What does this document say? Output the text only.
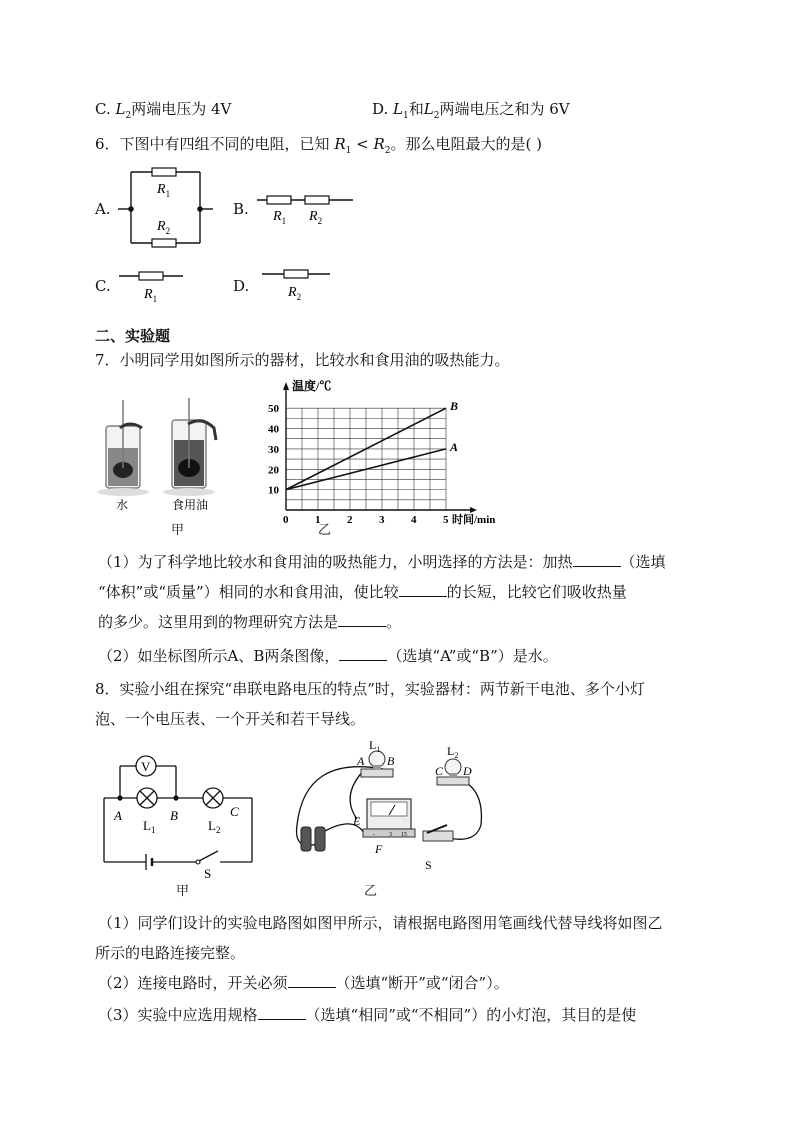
C. $L_2$两端电压为 4V	D. $L_1$和$L_2$两端电压之和为 6V
6．下图中有四组不同的电阻，已知 $R_1 < R_2$。那么电阻最大的是( )
A.
$R_1$
$R_2$
B. $R_1$ $R_2$
C. $R_1$
D.	$R_2$
二、实验题
7．小明同学用如图所示的器材，比较水和食用油的吸热能力。
水	食用油
甲
0 1 2 3 4 5
10
20
30
40
50
A
B
温度/℃
时间/min
乙
（1）为了科学地比较水和食用油的吸热能力，小明选择的方法是：加热	（选填
“体积”或“质量”）相同的水和食用油，使比较	的长短，比较它们吸收热量
的多少。这里用到的物理研究方法是	。
（2）如坐标图所示A、B两条图像，	（选填“A”或“B”）是水。
8．实验小组在探究“串联电路电压的特点”时，实验器材：两节新干电池、多个小灯
泡、一个电压表、一个开关和若干导线。
V
A	B	C
$L_1$	$L_2$
S
甲
- 3 15
$L_1$
A B
$L_2$
C D
E
F
S
乙
（1）同学们设计的实验电路图如图甲所示，请根据电路图用笔画线代替导线将如图乙
所示的电路连接完整。
（2）连接电路时，开关必须	（选填“断开”或“闭合”）。
（3）实验中应选用规格	（选填“相同”或“不相同”）的小灯泡，其目的是使
